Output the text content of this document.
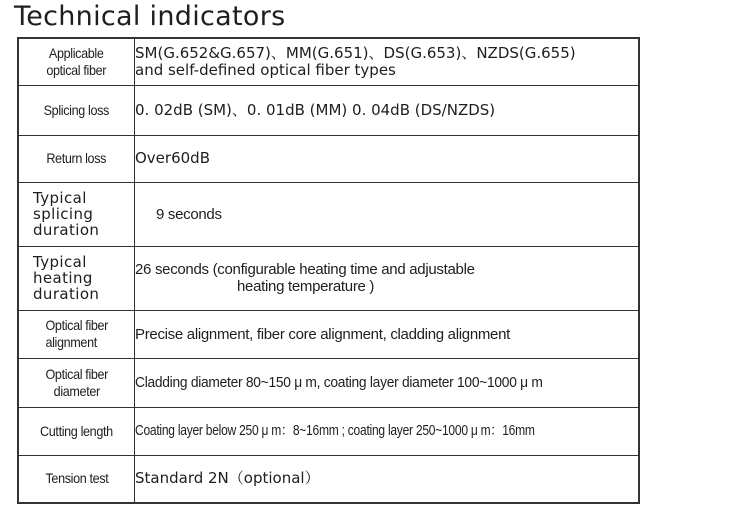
Technical indicators
Applicable
optical fiber	SM(G.652&G.657)、MM(G.651)、DS(G.653)、NZDS(G.655)
and self-defined optical fiber types
Splicing loss	0. 02dB (SM)、0. 01dB (MM) 0. 04dB (DS/NZDS)
Return loss	Over60dB
Typical
splicing
duration	9 seconds
Typical
heating
duration	26 seconds (configurable heating time and adjustable
heating temperature )

Optical fiber
alignment	Precise alignment, fiber core alignment, cladding alignment
Optical fiber
diameter	Cladding diameter 80~150 μ m, coating layer diameter 100~1000 μ m
Cutting length	Coating layer below 250 μ m：8~16mm ; coating layer 250~1000 μ m：16mm
Tension test	Standard 2N（optional）
